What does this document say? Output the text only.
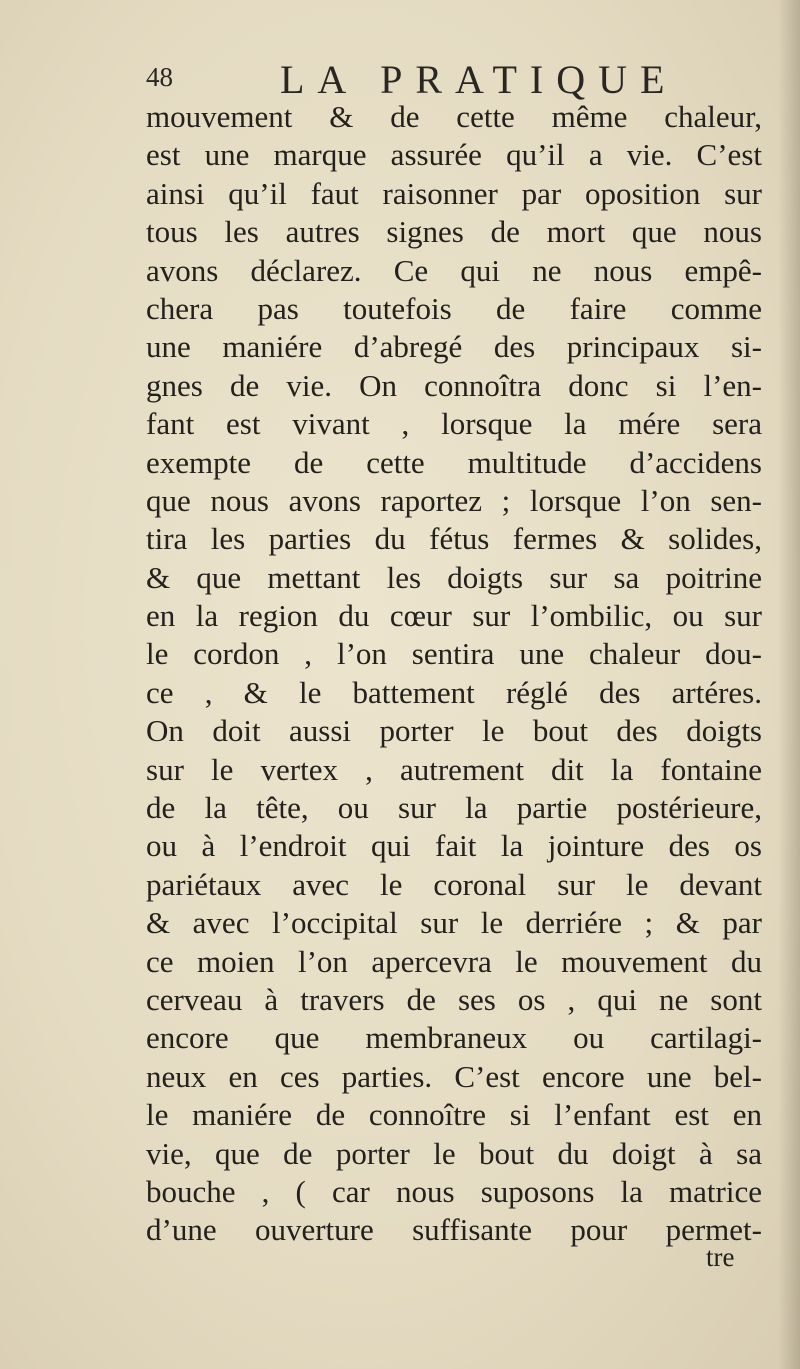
48	LA PRATIQUE
mouvement & de cette même chaleur,
est une marque assurée qu’il a vie. C’est
ainsi qu’il faut raisonner par oposition sur
tous les autres signes de mort que nous
avons déclarez. Ce qui ne nous empê-
chera pas toutefois de faire comme
une maniére d’abregé des principaux si-
gnes de vie. On connoîtra donc si l’en-
fant est vivant , lorsque la mére sera
exempte de cette multitude d’accidens
que nous avons raportez ; lorsque l’on sen-
tira les parties du fétus fermes & solides,
& que mettant les doigts sur sa poitrine
en la region du cœur sur l’ombilic, ou sur
le cordon , l’on sentira une chaleur dou-
ce , & le battement réglé des artéres.
On doit aussi porter le bout des doigts
sur le vertex , autrement dit la fontaine
de la tête, ou sur la partie postérieure,
ou à l’endroit qui fait la jointure des os
pariétaux avec le coronal sur le devant
& avec l’occipital sur le derriére ; & par
ce moien l’on apercevra le mouvement du
cerveau à travers de ses os , qui ne sont
encore que membraneux ou cartilagi-
neux en ces parties. C’est encore une bel-
le maniére de connoître si l’enfant est en
vie, que de porter le bout du doigt à sa
bouche , ( car nous suposons la matrice
d’une ouverture suffisante pour permet-
tre
